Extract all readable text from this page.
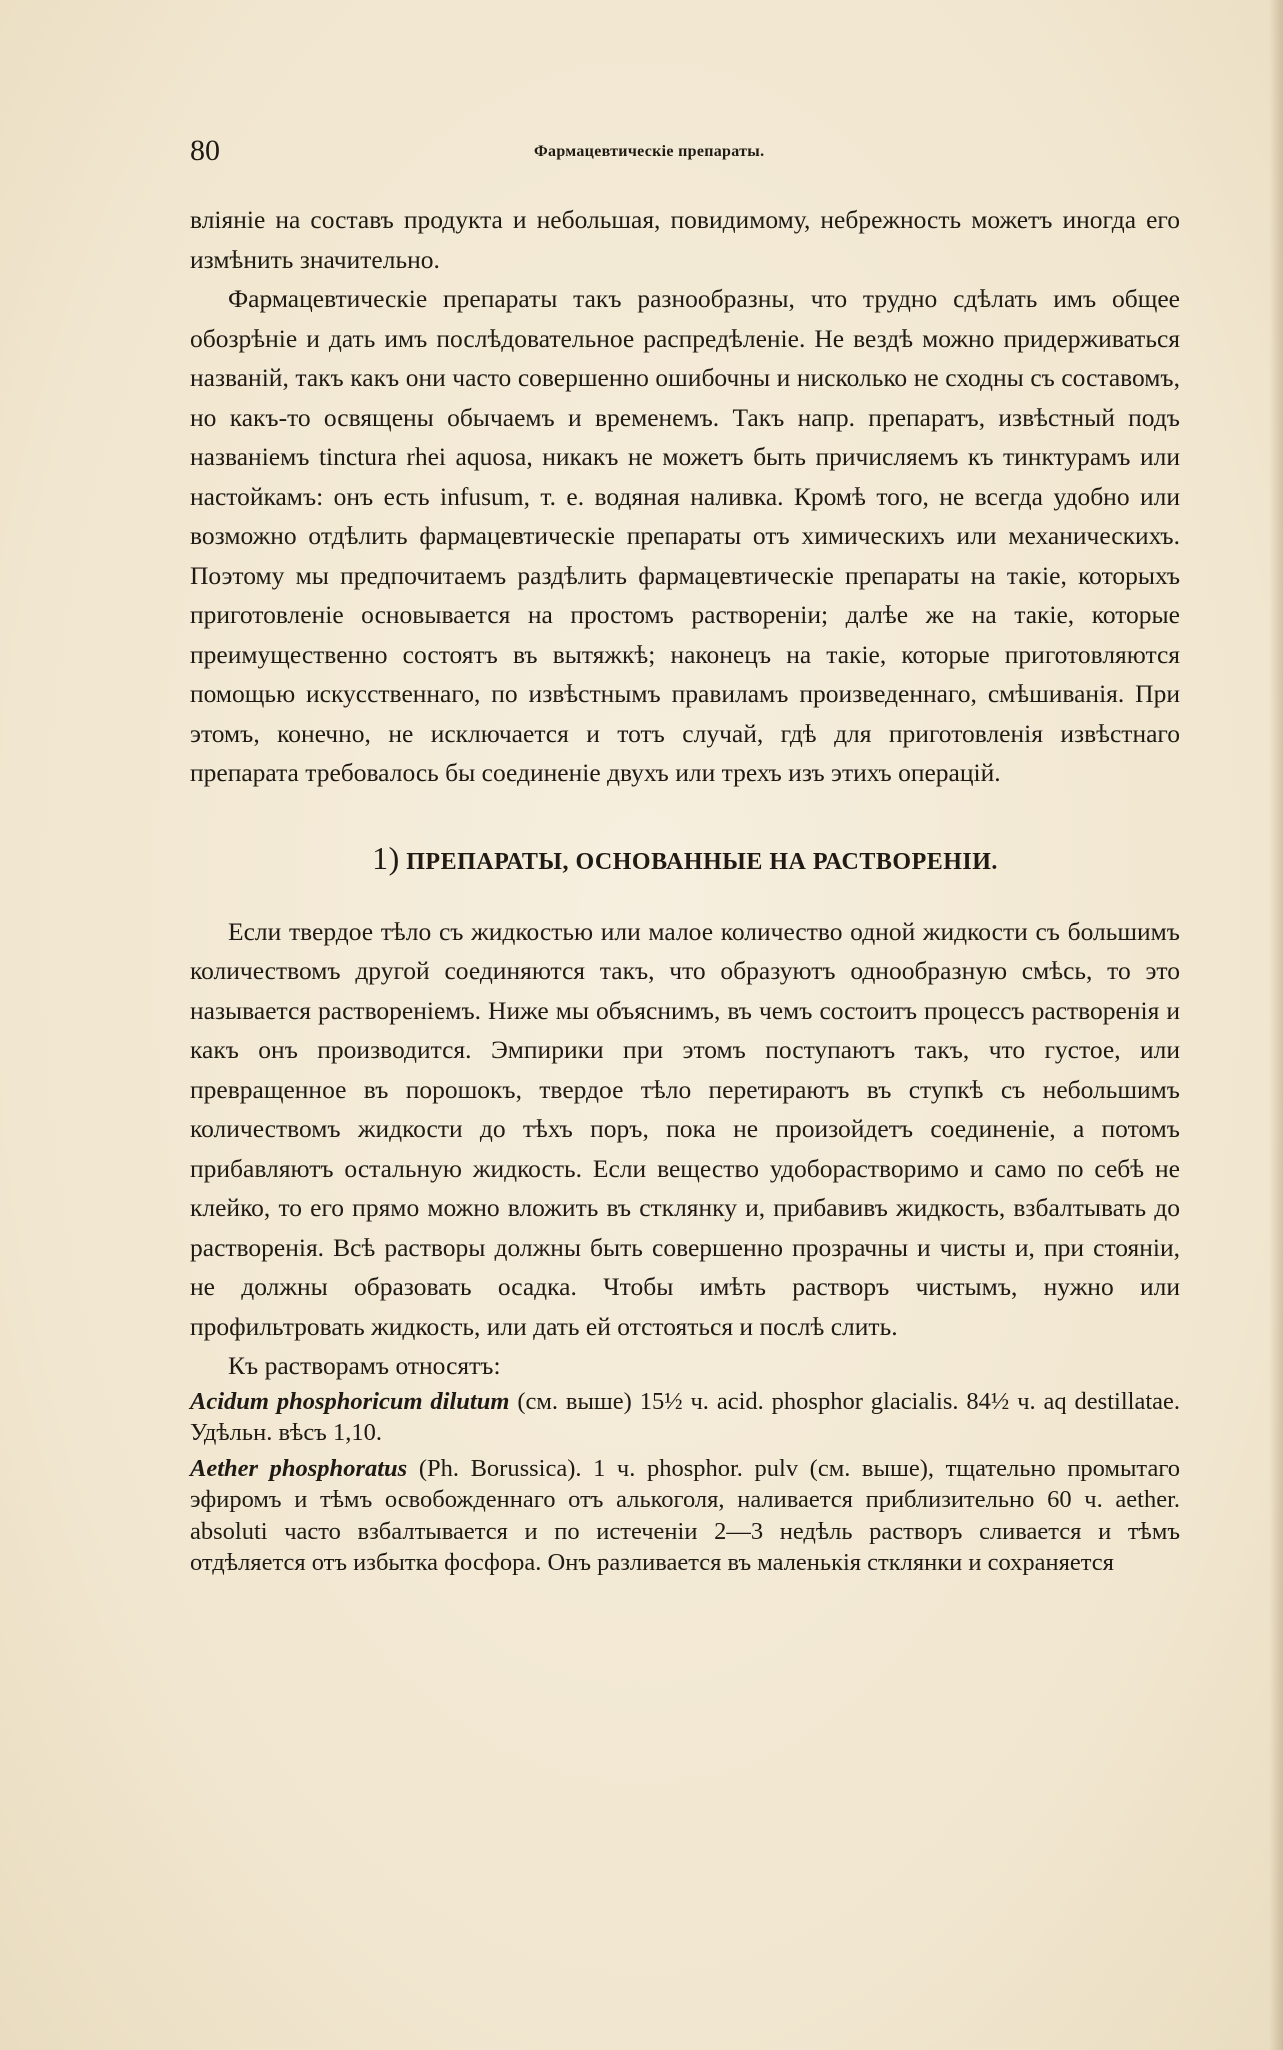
80	Фармацевтическіе препараты.

вліяніе на составъ продукта и небольшая, повидимому, небрежность можетъ иногда его измѣнить значительно.

Фармацевтическіе препараты такъ разнообразны, что трудно сдѣлать имъ общее обозрѣніе и дать имъ послѣдовательное распредѣленіе. Не вездѣ можно придерживаться названій, такъ какъ они часто совершенно ошибочны и нисколько не сходны съ составомъ, но какъ-то освящены обычаемъ и временемъ. Такъ напр. препаратъ, извѣстный подъ названіемъ tinctura rhei aquosa, никакъ не можетъ быть причисляемъ къ тинктурамъ или настойкамъ: онъ есть infusum, т. е. водяная наливка. Кромѣ того, не всегда удобно или возможно отдѣлить фармацевтическіе препараты отъ химическихъ или механическихъ. Поэтому мы предпочитаемъ раздѣлить фармацевтическіе препараты на такіе, которыхъ приготовленіе основывается на простомъ раствореніи; далѣе же на такіе, которые преимущественно состоятъ въ вытяжкѣ; наконецъ на такіе, которые приготовляются помощью искусственнаго, по извѣстнымъ правиламъ произведеннаго, смѣшиванія. При этомъ, конечно, не исключается и тотъ случай, гдѣ для приготовленія извѣстнаго препарата требовалось бы соединеніе двухъ или трехъ изъ этихъ операцій.

1) ПРЕПАРАТЫ, ОСНОВАННЫЕ НА РАСТВОРЕНІИ.

Если твердое тѣло съ жидкостью или малое количество одной жидкости съ большимъ количествомъ другой соединяются такъ, что образуютъ однообразную смѣсь, то это называется раствореніемъ. Ниже мы объяснимъ, въ чемъ состоитъ процессъ растворенія и какъ онъ производится. Эмпирики при этомъ поступаютъ такъ, что густое, или превращенное въ порошокъ, твердое тѣло перетираютъ въ ступкѣ съ небольшимъ количествомъ жидкости до тѣхъ поръ, пока не произойдетъ соединеніе, а потомъ прибавляютъ остальную жидкость. Если вещество удоборастворимо и само по себѣ не клейко, то его прямо можно вложить въ стклянку и, прибавивъ жидкость, взбалтывать до растворенія. Всѣ растворы должны быть совершенно прозрачны и чисты и, при стояніи, не должны образовать осадка. Чтобы имѣть растворъ чистымъ, нужно или профильтровать жидкость, или дать ей отстояться и послѣ слить.

Къ растворамъ относятъ:

Acidum phosphoricum dilutum (см. выше) 15½ ч. acid. phosphor glacialis. 84½ ч. aq destillatae. Удѣльн. вѣсъ 1,10.

Aether phosphoratus (Ph. Borussica). 1 ч. phosphor. pulv (см. выше), тщательно промытаго эфиромъ и тѣмъ освобожденнаго отъ алькоголя, наливается приблизительно 60 ч. aether. absoluti часто взбалтывается и по истеченіи 2—3 недѣль растворъ сливается и тѣмъ отдѣляется отъ избытка фосфора. Онъ разливается въ маленькія стклянки и сохраняется
